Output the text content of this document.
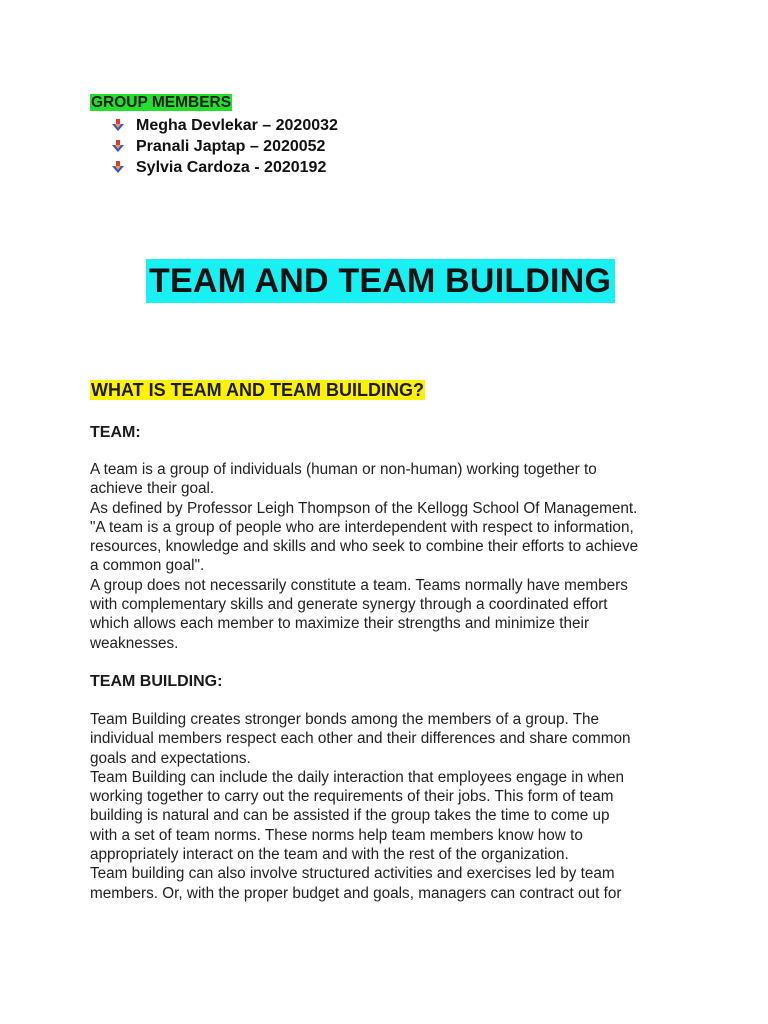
GROUP MEMBERS

Megha Devlekar – 2020032
Pranali Japtap – 2020052
Sylvia Cardoza - 2020192
TEAM AND TEAM BUILDING
WHAT IS TEAM AND TEAM BUILDING?
TEAM:

A team is a group of individuals (human or non-human) working together to
achieve their goal.
As defined by Professor Leigh Thompson of the Kellogg School Of Management.
"A team is a group of people who are interdependent with respect to information,
resources, knowledge and skills and who seek to combine their efforts to achieve
a common goal".
A group does not necessarily constitute a team. Teams normally have members
with complementary skills and generate synergy through a coordinated effort
which allows each member to maximize their strengths and minimize their
weaknesses.

TEAM BUILDING:

Team Building creates stronger bonds among the members of a group. The
individual members respect each other and their differences and share common
goals and expectations.
Team Building can include the daily interaction that employees engage in when
working together to carry out the requirements of their jobs. This form of team
building is natural and can be assisted if the group takes the time to come up
with a set of team norms. These norms help team members know how to
appropriately interact on the team and with the rest of the organization.
Team building can also involve structured activities and exercises led by team
members. Or, with the proper budget and goals, managers can contract out for
